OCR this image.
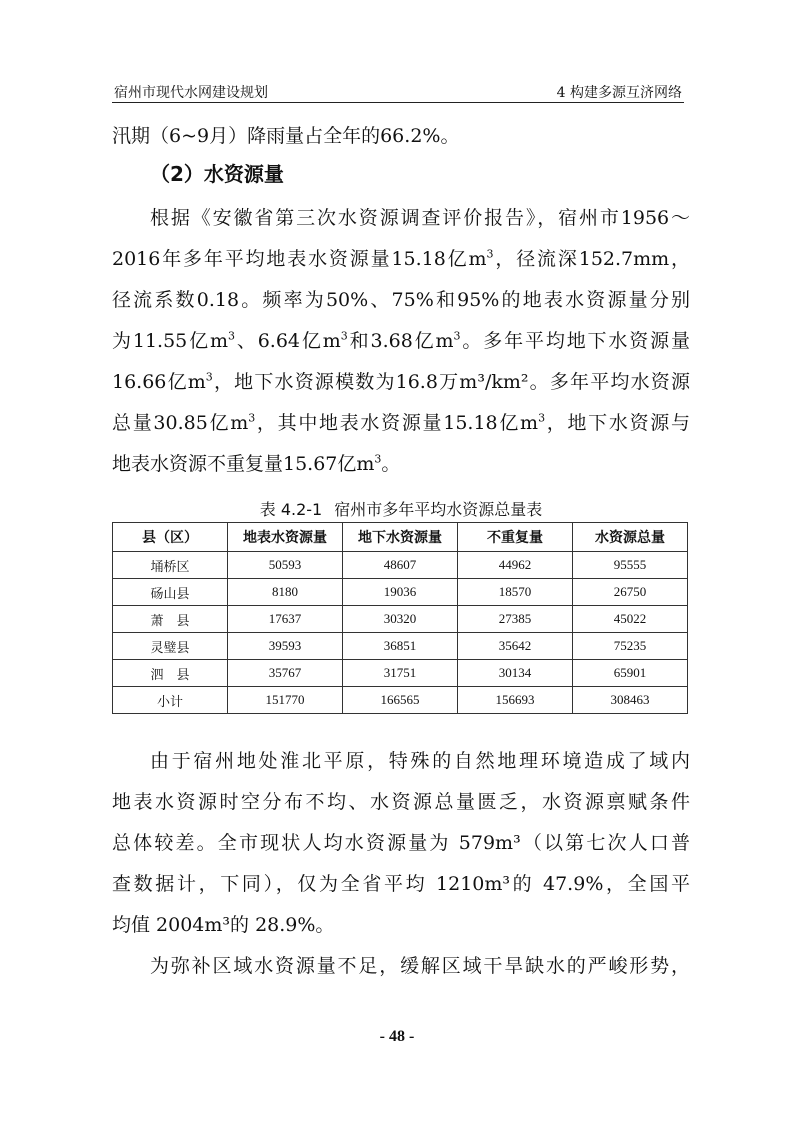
宿州市现代水网建设规划	4 构建多源互济网络
汛期（6~9月）降雨量占全年的66.2%。
（2）水资源量
根据《安徽省第三次水资源调查评价报告》，宿州市1956～
2016年多年平均地表水资源量15.18亿$m^3$，径流深152.7mm，
径流系数0.18。频率为50%、75%和95%的地表水资源量分别
为11.55亿$m^3$、6.64亿$m^3$和3.68亿$m^3$。多年平均地下水资源量
16.66亿$m^3$，地下水资源模数为16.8万m³/km²。多年平均水资源
总量30.85亿$m^3$，其中地表水资源量15.18亿$m^3$，地下水资源与
地表水资源不重复量15.67亿$m^3$。
表 4.2-1 宿州市多年平均水资源总量表
县（区）	地表水资源量	地下水资源量	不重复量	水资源总量
埇桥区	50593	48607	44962	95555
砀山县	8180	19036	18570	26750
萧　县	17637	30320	27385	45022
灵璧县	39593	36851	35642	75235
泗　县	35767	31751	30134	65901
小计	151770	166565	156693	308463
由于宿州地处淮北平原，特殊的自然地理环境造成了域内
地表水资源时空分布不均、水资源总量匮乏，水资源禀赋条件
总体较差。全市现状人均水资源量为 579m³（以第七次人口普
查数据计，下同），仅为全省平均 1210m³的 47.9%，全国平
均值 2004m³的 28.9%。
为弥补区域水资源量不足，缓解区域干旱缺水的严峻形势，
- 48 -
